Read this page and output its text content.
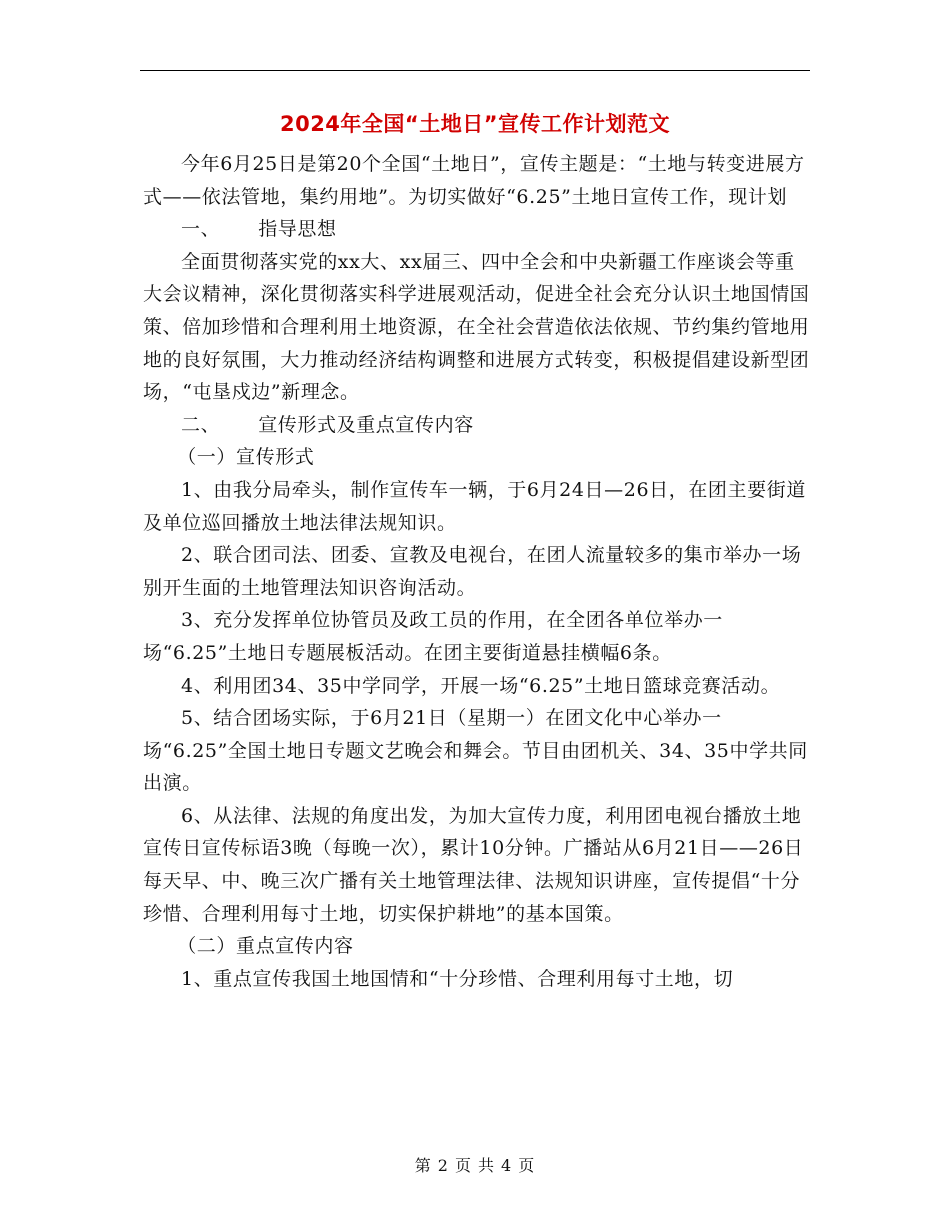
2024年全国“土地日”宣传工作计划范文

今年6月25日是第20个全国“土地日”，宣传主题是：“土地与转变进展方式——依法管地，集约用地”。为切实做好“6.25”土地日宣传工作，现计划

一、 指导思想

全面贯彻落实党的xx大、xx届三、四中全会和中央新疆工作座谈会等重大会议精神，深化贯彻落实科学进展观活动，促进全社会充分认识土地国情国策、倍加珍惜和合理利用土地资源，在全社会营造依法依规、节约集约管地用地的良好氛围，大力推动经济结构调整和进展方式转变，积极提倡建设新型团场，“屯垦戍边”新理念。

二、 宣传形式及重点宣传内容

（一）宣传形式

1、由我分局牵头，制作宣传车一辆，于6月24日—26日，在团主要街道及单位巡回播放土地法律法规知识。

2、联合团司法、团委、宣教及电视台，在团人流量较多的集市举办一场别开生面的土地管理法知识咨询活动。

3、充分发挥单位协管员及政工员的作用，在全团各单位举办一场“6.25”土地日专题展板活动。在团主要街道悬挂横幅6条。

4、利用团34、35中学同学，开展一场“6.25”土地日篮球竞赛活动。

5、结合团场实际，于6月21日（星期一）在团文化中心举办一场“6.25”全国土地日专题文艺晚会和舞会。节目由团机关、34、35中学共同出演。

6、从法律、法规的角度出发，为加大宣传力度，利用团电视台播放土地宣传日宣传标语3晚（每晚一次），累计10分钟。广播站从6月21日——26日每天早、中、晚三次广播有关土地管理法律、法规知识讲座，宣传提倡“十分珍惜、合理利用每寸土地，切实保护耕地”的基本国策。

（二）重点宣传内容

1、重点宣传我国土地国情和“十分珍惜、合理利用每寸土地，切

第 2 页 共 4 页
